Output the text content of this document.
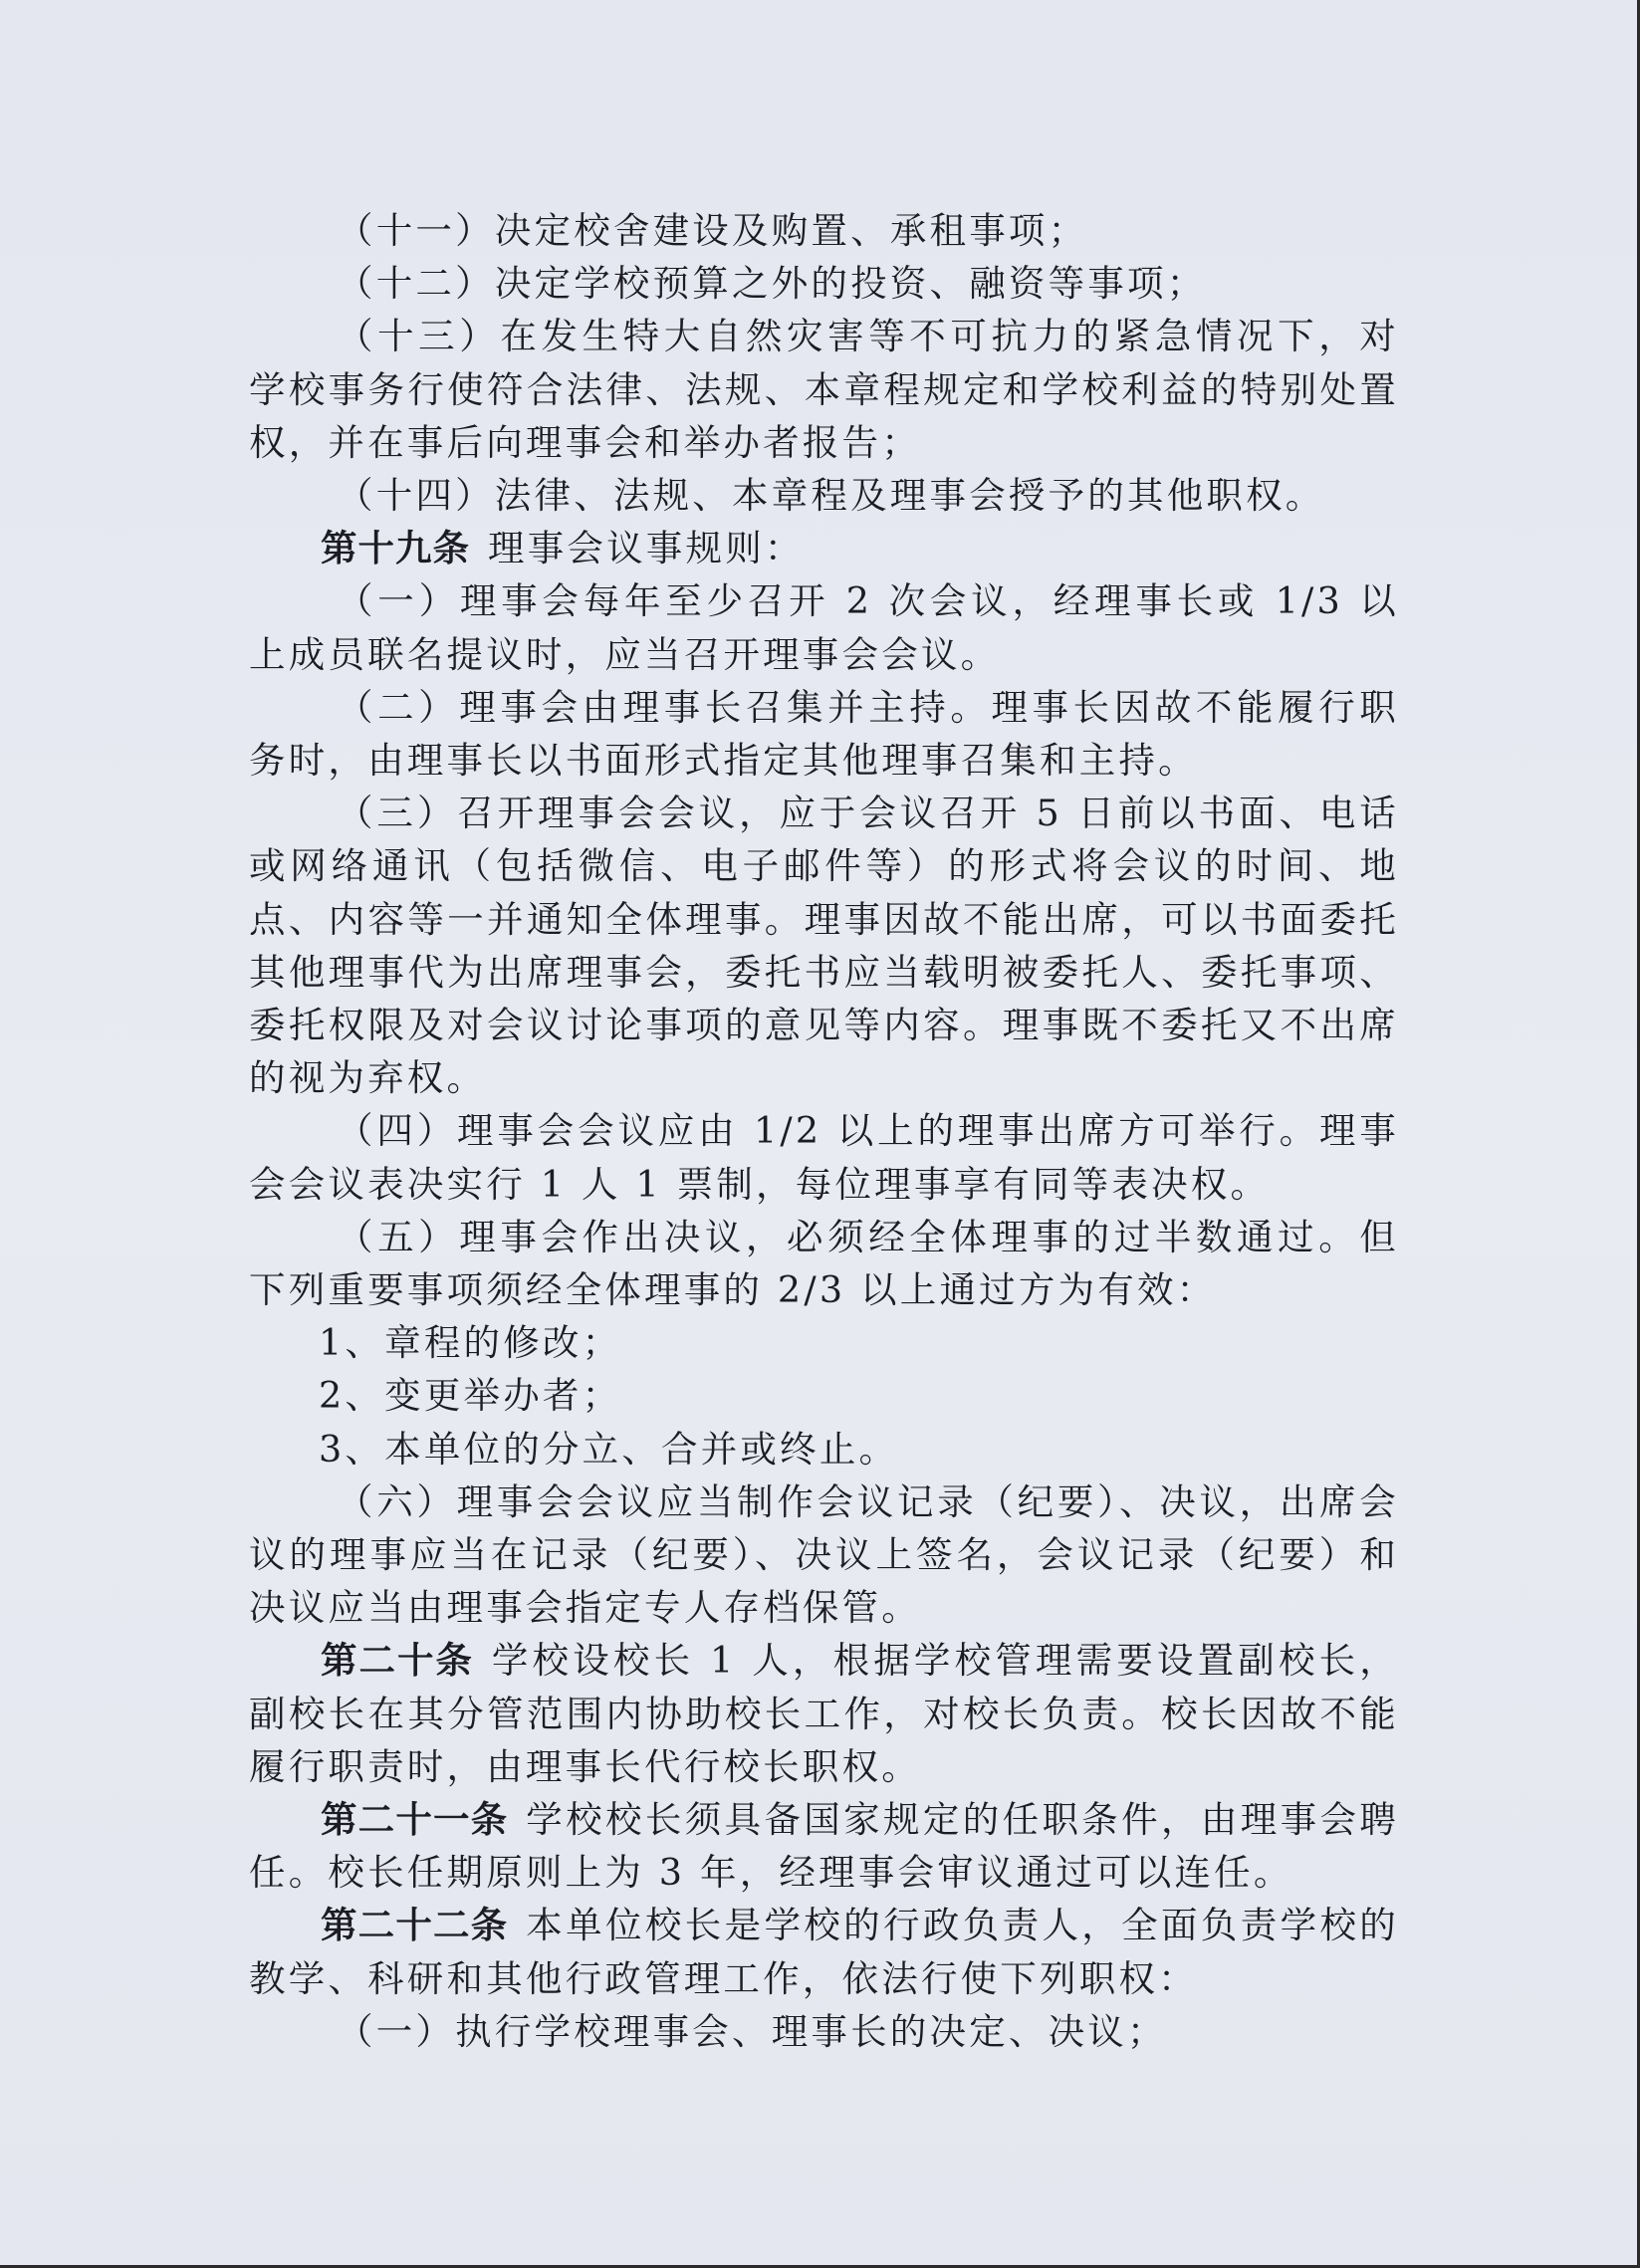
（十一）决定校舍建设及购置、承租事项；
（十二）决定学校预算之外的投资、融资等事项；
（十三）在发生特大自然灾害等不可抗力的紧急情况下，对学校事务行使符合法律、法规、本章程规定和学校利益的特别处置权，并在事后向理事会和举办者报告；
（十四）法律、法规、本章程及理事会授予的其他职权。
第十九条 理事会议事规则：
（一）理事会每年至少召开 2 次会议，经理事长或 1/3 以上成员联名提议时，应当召开理事会会议。
（二）理事会由理事长召集并主持。理事长因故不能履行职务时，由理事长以书面形式指定其他理事召集和主持。
（三）召开理事会会议，应于会议召开 5 日前以书面、电话或网络通讯（包括微信、电子邮件等）的形式将会议的时间、地点、内容等一并通知全体理事。理事因故不能出席，可以书面委托其他理事代为出席理事会，委托书应当载明被委托人、委托事项、委托权限及对会议讨论事项的意见等内容。理事既不委托又不出席的视为弃权。
（四）理事会会议应由 1/2 以上的理事出席方可举行。理事会会议表决实行 1 人 1 票制，每位理事享有同等表决权。
（五）理事会作出决议，必须经全体理事的过半数通过。但下列重要事项须经全体理事的 2/3 以上通过方为有效：
1、章程的修改；
2、变更举办者；
3、本单位的分立、合并或终止。
（六）理事会会议应当制作会议记录（纪要）、决议，出席会议的理事应当在记录（纪要）、决议上签名，会议记录（纪要）和决议应当由理事会指定专人存档保管。
第二十条 学校设校长 1 人，根据学校管理需要设置副校长，副校长在其分管范围内协助校长工作，对校长负责。校长因故不能履行职责时，由理事长代行校长职权。
第二十一条 学校校长须具备国家规定的任职条件，由理事会聘任。校长任期原则上为 3 年，经理事会审议通过可以连任。
第二十二条 本单位校长是学校的行政负责人，全面负责学校的教学、科研和其他行政管理工作，依法行使下列职权：
（一）执行学校理事会、理事长的决定、决议；
